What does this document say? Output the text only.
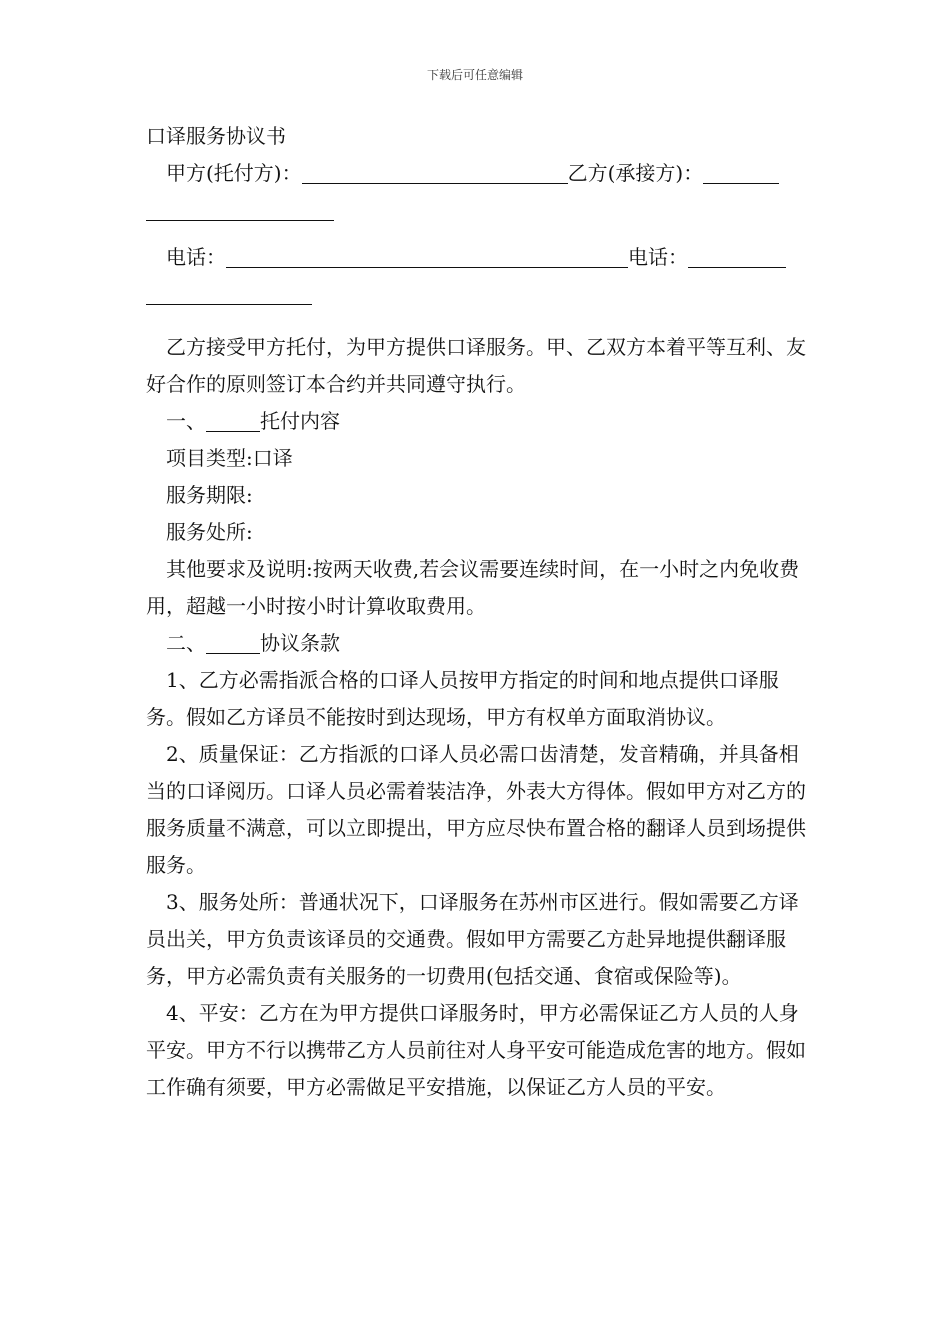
下载后可任意编辑

口译服务协议书

甲方(托付方)：	乙方(承接方)：

电话：	电话：

乙方接受甲方托付，为甲方提供口译服务。甲、乙双方本着平等互利、友好合作的原则签订本合约并共同遵守执行。

一、	托付内容

项目类型:口译

服务期限:

服务处所:

其他要求及说明:按两天收费,若会议需要连续时间，在一小时之内免收费用，超越一小时按小时计算收取费用。

二、	协议条款

1、乙方必需指派合格的口译人员按甲方指定的时间和地点提供口译服务。假如乙方译员不能按时到达现场，甲方有权单方面取消协议。

2、质量保证：乙方指派的口译人员必需口齿清楚，发音精确，并具备相当的口译阅历。口译人员必需着装洁净，外表大方得体。假如甲方对乙方的服务质量不满意，可以立即提出，甲方应尽快布置合格的翻译人员到场提供服务。

3、服务处所：普通状况下，口译服务在苏州市区进行。假如需要乙方译员出关，甲方负责该译员的交通费。假如甲方需要乙方赴异地提供翻译服务，甲方必需负责有关服务的一切费用(包括交通、食宿或保险等)。

4、平安：乙方在为甲方提供口译服务时，甲方必需保证乙方人员的人身平安。甲方不行以携带乙方人员前往对人身平安可能造成危害的地方。假如工作确有须要，甲方必需做足平安措施，以保证乙方人员的平安。
